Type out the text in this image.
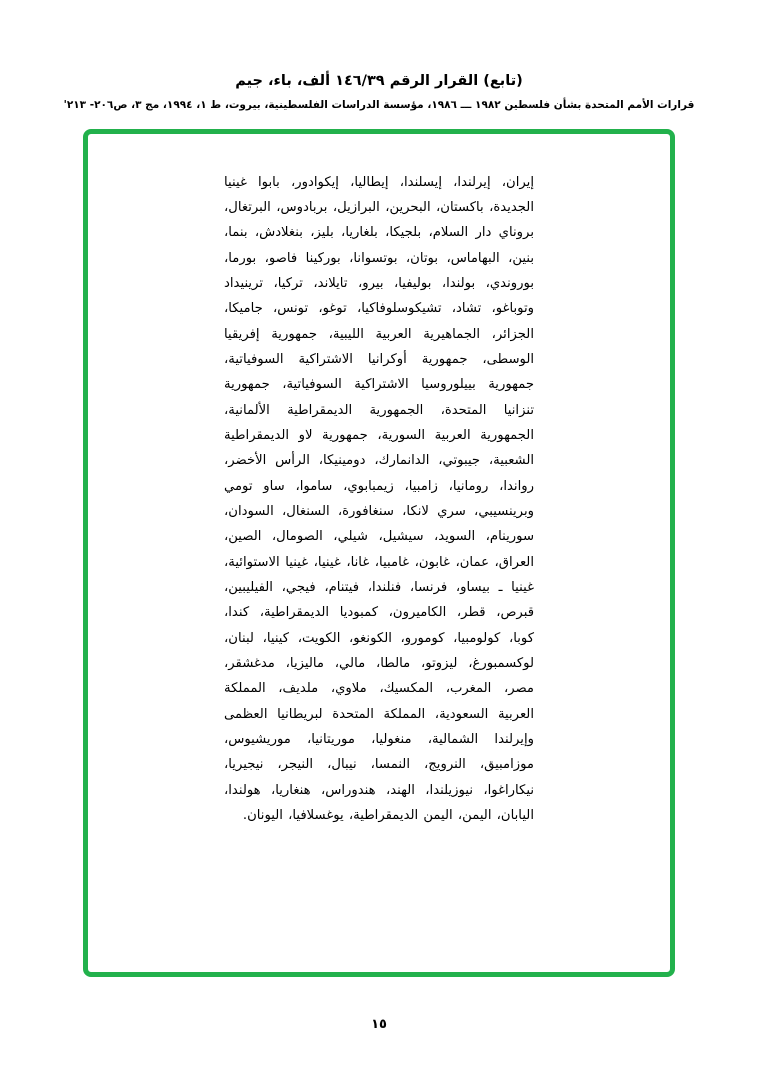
(تابع) القرار الرقم ١٤٦/٣٩ ألف، باء، جيم
قرارات الأمم المتحدة بشأن فلسطين ١٩٨٢ ـــ ١٩٨٦، مؤسسة الدراسات الفلسطينية، بيروت، ط ١، ١٩٩٤، مج ٣، ص٢٠٦- ٢١٣'
إيران، إيرلندا، إيسلندا، إيطاليا، إيكوادور، بابوا غينيا الجديدة، باكستان، البحرين، البرازيل، بربادوس، البرتغال، بروناي دار السلام، بلجيكا، بلغاريا، بليز، بنغلادش، بنما، بنين، البهاماس، بوتان، بوتسوانا، بوركينا فاصو، بورما، بوروندي، بولندا، بوليفيا، بيرو، تايلاند، تركيا، ترينيداد وتوباغو، تشاد، تشيكوسلوفاكيا، توغو، تونس، جامیکا، الجزائر، الجماهيرية العربية الليبية، جمهورية إفريقيا الوسطى، جمهورية أوكرانيا الاشتراكية السوفياتية، جمهورية بييلوروسيا الاشتراكية السوفياتية، جمهورية تنزانيا المتحدة، الجمهورية الديمقراطية الألمانية، الجمهورية العربية السورية، جمهورية لاو الديمقراطية الشعبية، جيبوتي، الدانمارك، دومينيكا، الرأس الأخضر، رواندا، رومانيا، زامبيا، زيمبابوي، ساموا، ساو تومي وبرينسيبي، سري لانكا، سنغافورة، السنغال، السودان، سورينام، السويد، سيشيل، شيلي، الصومال، الصين، العراق، عمان، غابون، غامبيا، غانا، غينيا، غينيا الاستوائية، غينيا ـ بيساو، فرنسا، فنلندا، فيتنام، فيجي، الفيليبين، قبرص، قطر، الكاميرون، كمبوديا الديمقراطية، كندا، كوبا، كولومبيا، كومورو، الكونغو، الكويت، كينيا، لبنان، لوكسمبورغ، ليزوتو، مالطا، مالي، ماليزيا، مدغشقر، مصر، المغرب، المكسيك، ملاوي، ملديف، المملكة العربية السعودية، المملكة المتحدة لبريطانيا العظمى وإيرلندا الشمالية، منغوليا، موريتانيا، موريشيوس، موزامبيق، النرويج، النمسا، نيبال، النيجر، نيجيريا، نيكاراغوا، نيوزيلندا، الهند، هندوراس، هنغاريا، هولندا، اليابان، اليمن، اليمن الديمقراطية، يوغسلافيا، اليونان.
١٥
